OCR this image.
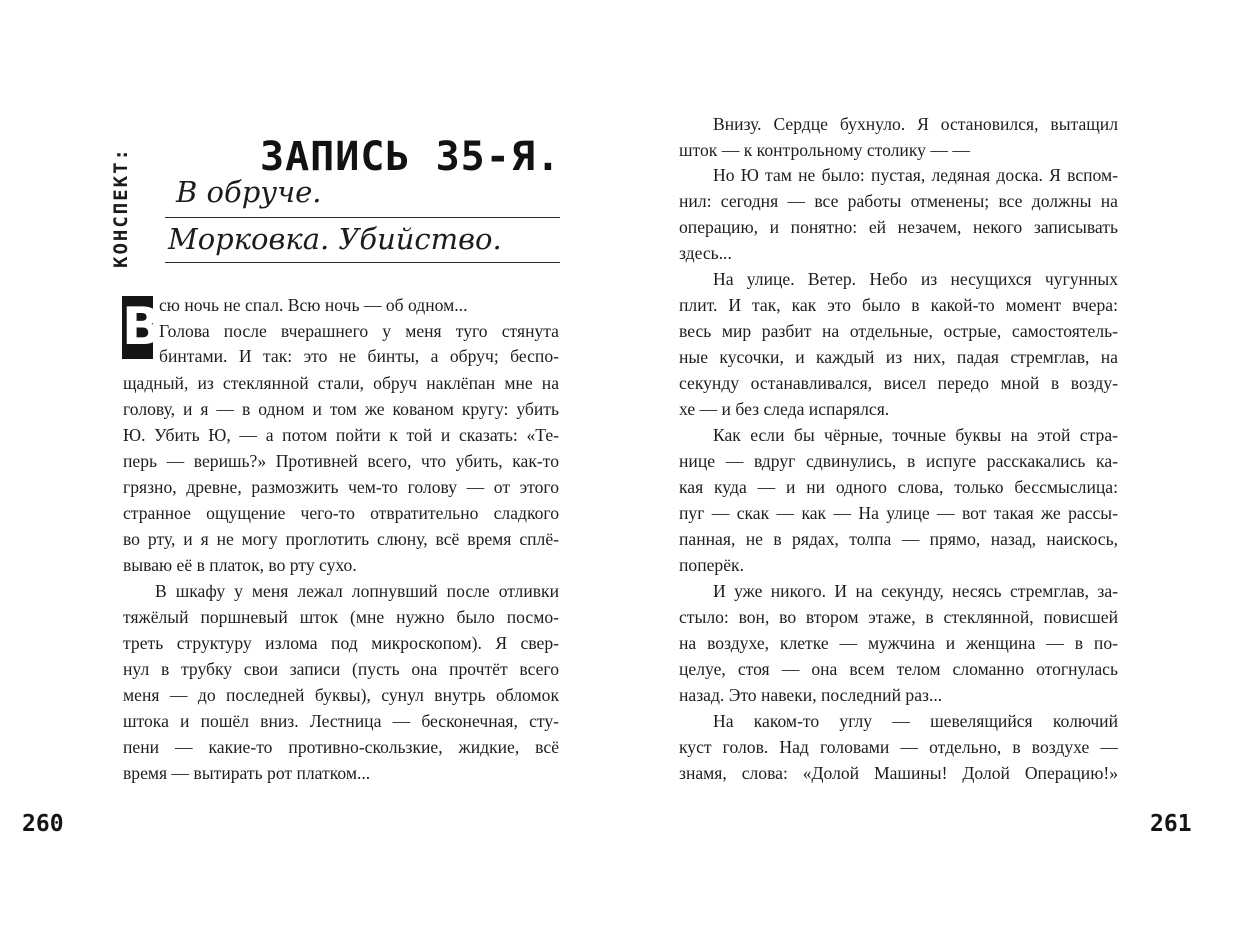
КОНСПЕКТ:	ЗАПИСЬ 35-Я.
В обруче.
Морковка. Убийство.
В
сю ночь не спал. Всю ночь — об одном...
Голова после вчерашнего у меня туго стянута
бинтами. И так: это не бинты, а обруч; беспо-
щадный, из стеклянной стали, обруч наклёпан мне на
голову, и я — в одном и том же кованом кругу: убить
Ю. Убить Ю, — а потом пойти к той и сказать: «Те-
перь — веришь?» Противней всего, что убить, как-то
грязно, древне, размозжить чем-то голову — от этого
странное ощущение чего-то отвратительно сладкого
во рту, и я не могу проглотить слюну, всё время сплё-
вываю её в платок, во рту сухо.
В шкафу у меня лежал лопнувший после отливки
тяжёлый поршневый шток (мне нужно было посмо-
треть структуру излома под микроскопом). Я свер-
нул в трубку свои записи (пусть она прочтёт всего
меня — до последней буквы), сунул внутрь обломок
штока и пошёл вниз. Лестница — бесконечная, сту-
пени — какие-то противно-скользкие, жидкие, всё
время — вытирать рот платком...
260
Внизу. Сердце бухнуло. Я остановился, вытащил
шток — к контрольному столику — —
Но Ю там не было: пустая, ледяная доска. Я вспом-
нил: сегодня — все работы отменены; все должны на
операцию, и понятно: ей незачем, некого записывать
здесь...
На улице. Ветер. Небо из несущихся чугунных
плит. И так, как это было в какой-то момент вчера:
весь мир разбит на отдельные, острые, самостоятель-
ные кусочки, и каждый из них, падая стремглав, на
секунду останавливался, висел передо мной в возду-
хе — и без следа испарялся.
Как если бы чёрные, точные буквы на этой стра-
нице — вдруг сдвинулись, в испуге расскакались ка-
кая куда — и ни одного слова, только бессмыслица:
пуг — скак — как — На улице — вот такая же рассы-
панная, не в рядах, толпа — прямо, назад, наискось,
поперёк.
И уже никого. И на секунду, несясь стремглав, за-
стыло: вон, во втором этаже, в стеклянной, повисшей
на воздухе, клетке — мужчина и женщина — в по-
целуе, стоя — она всем телом сломанно отогнулась
назад. Это навеки, последний раз...
На каком-то углу — шевелящийся колючий
куст голов. Над головами — отдельно, в воздухе —
знамя, слова: «Долой Машины! Долой Операцию!»
261
